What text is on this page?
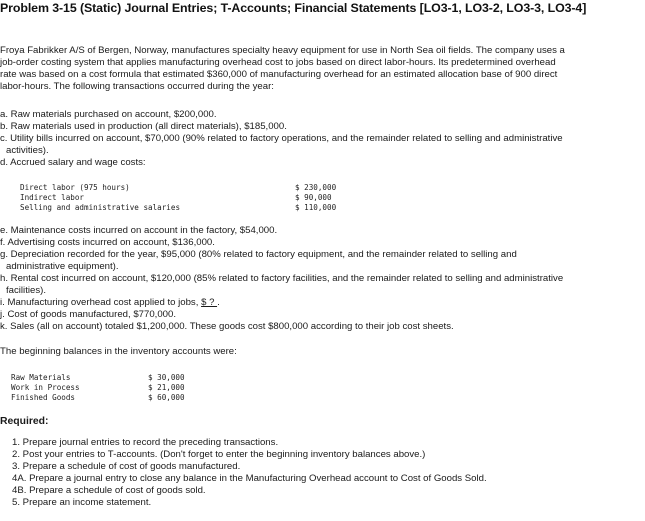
Problem 3-15 (Static) Journal Entries; T-Accounts; Financial Statements [LO3-1, LO3-2, LO3-3, LO3-4]
Froya Fabrikker A/S of Bergen, Norway, manufactures specialty heavy equipment for use in North Sea oil fields. The company uses a
job-order costing system that applies manufacturing overhead cost to jobs based on direct labor-hours. Its predetermined overhead
rate was based on a cost formula that estimated $360,000 of manufacturing overhead for an estimated allocation base of 900 direct
labor-hours. The following transactions occurred during the year:
a. Raw materials purchased on account, $200,000.
b. Raw materials used in production (all direct materials), $185,000.
c. Utility bills incurred on account, $70,000 (90% related to factory operations, and the remainder related to selling and administrative
activities).
d. Accrued salary and wage costs:
Direct labor (975 hours)	$ 230,000
Indirect labor	$ 90,000
Selling and administrative salaries	$ 110,000
e. Maintenance costs incurred on account in the factory, $54,000.
f. Advertising costs incurred on account, $136,000.
g. Depreciation recorded for the year, $95,000 (80% related to factory equipment, and the remainder related to selling and
administrative equipment).
h. Rental cost incurred on account, $120,000 (85% related to factory facilities, and the remainder related to selling and administrative
facilities).
i. Manufacturing overhead cost applied to jobs, $ ? .
j. Cost of goods manufactured, $770,000.
k. Sales (all on account) totaled $1,200,000. These goods cost $800,000 according to their job cost sheets.
The beginning balances in the inventory accounts were:
Raw Materials	$ 30,000
Work in Process	$ 21,000
Finished Goods	$ 60,000
Required:
1. Prepare journal entries to record the preceding transactions.
2. Post your entries to T-accounts. (Don't forget to enter the beginning inventory balances above.)
3. Prepare a schedule of cost of goods manufactured.
4A. Prepare a journal entry to close any balance in the Manufacturing Overhead account to Cost of Goods Sold.
4B. Prepare a schedule of cost of goods sold.
5. Prepare an income statement.
